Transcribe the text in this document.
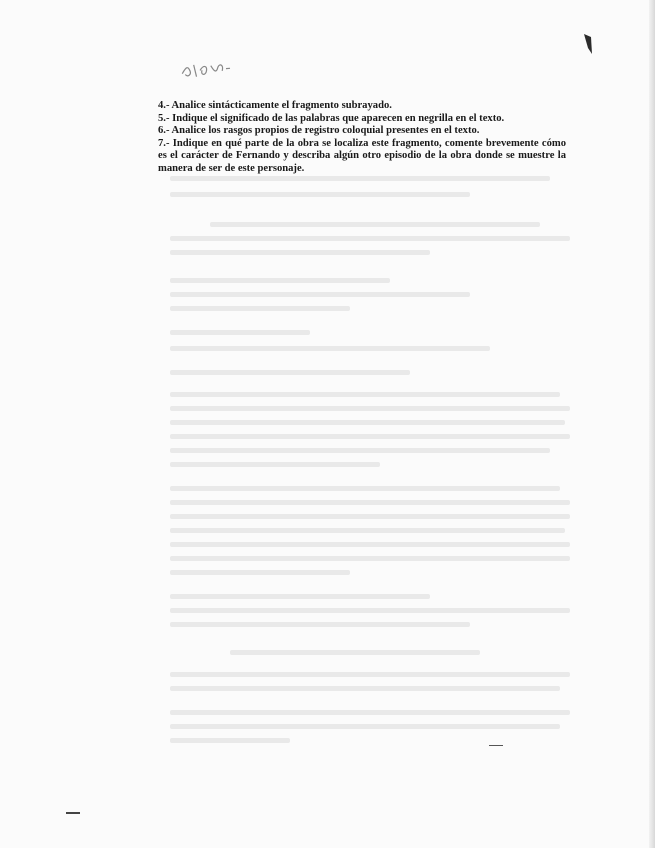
4.- Analice sintácticamente el fragmento subrayado.

5.- Indique el significado de las palabras que aparecen en negrilla en el texto.

6.- Analice los rasgos propios de registro coloquial presentes en el texto.

7.- Indique en qué parte de la obra se localiza este fragmento, comente brevemente cómo es el carácter de Fernando y describa algún otro episodio de la obra donde se muestre la manera de ser de este personaje.
